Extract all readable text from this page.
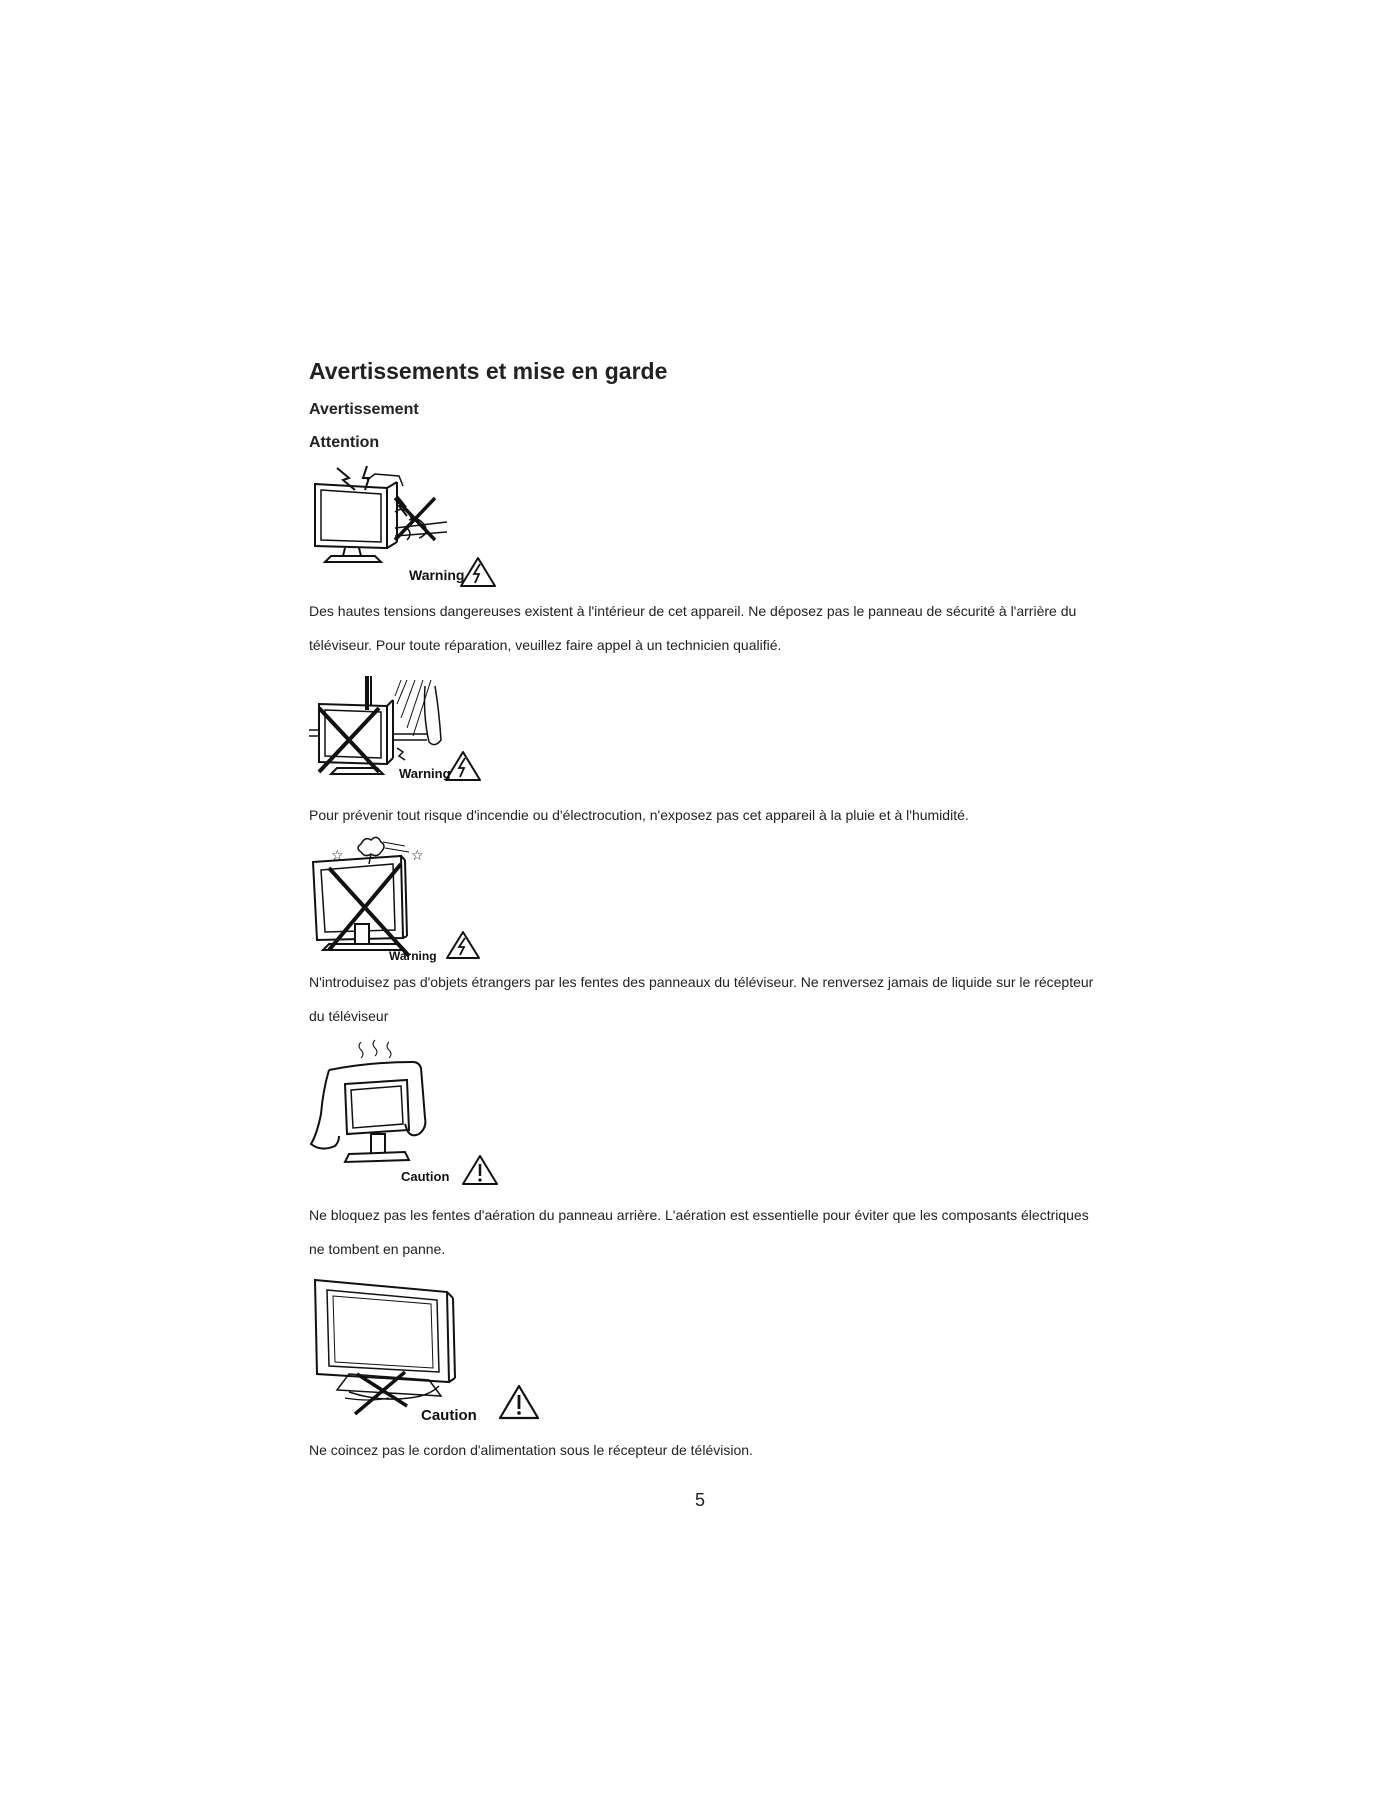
Avertissements et mise en garde
Avertissement
Attention
Warning

Des hautes tensions dangereuses existent à l'intérieur de cet appareil. Ne déposez pas le panneau de sécurité à l'arrière du téléviseur. Pour toute réparation, veuillez faire appel à un technicien qualifié.

Warning

Pour prévenir tout risque d'incendie ou d'électrocution, n'exposez pas cet appareil à la pluie et à l'humidité.

☆	☆
Warning

N'introduisez pas d'objets étrangers par les fentes des panneaux du téléviseur. Ne renversez jamais de liquide sur le récepteur du téléviseur

Caution

Ne bloquez pas les fentes d'aération du panneau arrière. L'aération est essentielle pour éviter que les composants électriques ne tombent en panne.

Caution

Ne coincez pas le cordon d'alimentation sous le récepteur de télévision.

5
